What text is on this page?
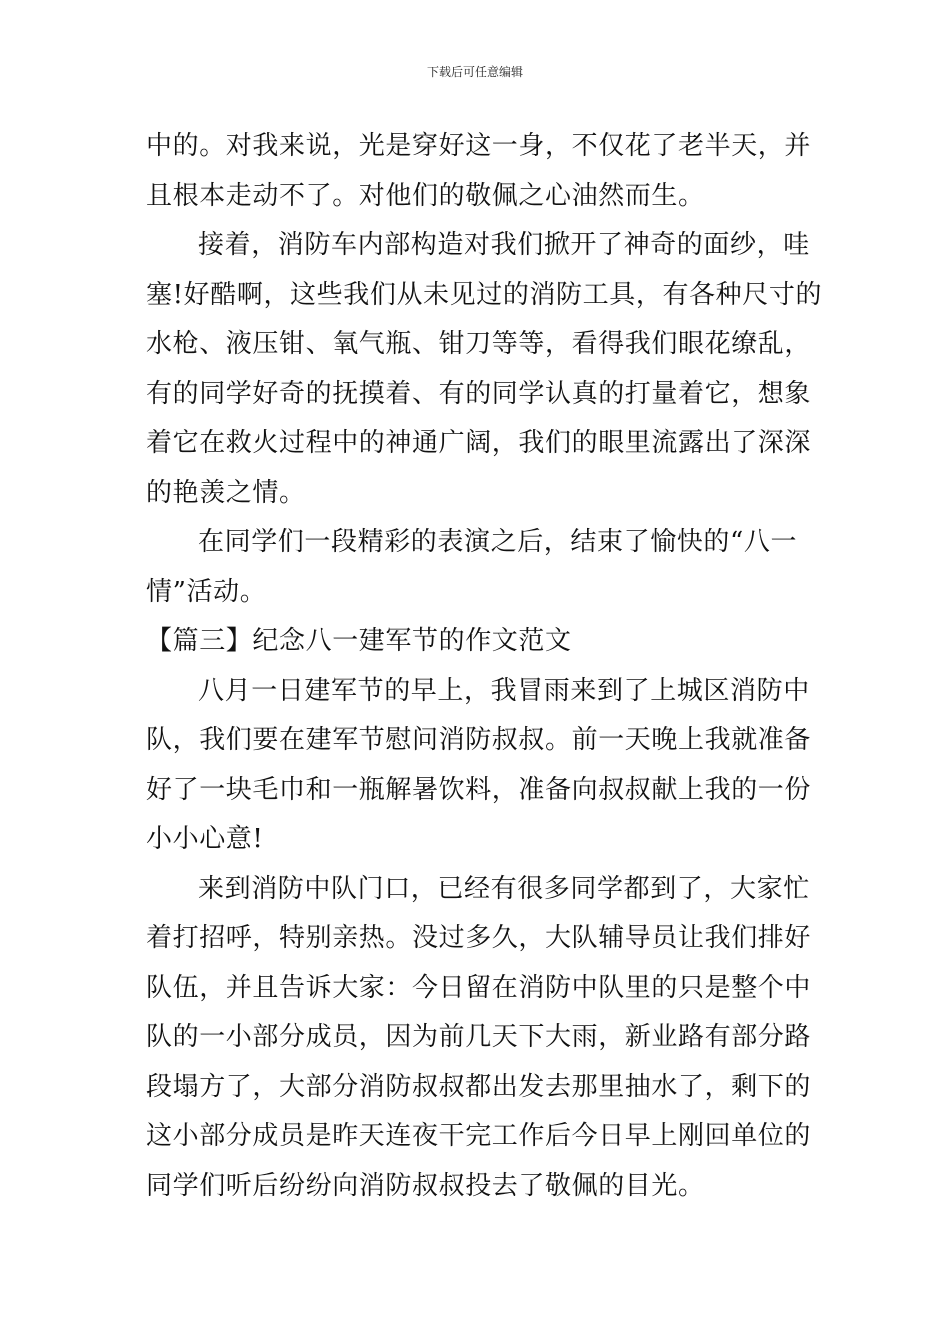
下载后可任意编辑
中的。对我来说，光是穿好这一身，不仅花了老半天，并
且根本走动不了。对他们的敬佩之心油然而生。
接着，消防车内部构造对我们掀开了神奇的面纱，哇
塞!好酷啊，这些我们从未见过的消防工具，有各种尺寸的
水枪、液压钳、氧气瓶、钳刀等等，看得我们眼花缭乱，
有的同学好奇的抚摸着、有的同学认真的打量着它，想象
着它在救火过程中的神通广阔，我们的眼里流露出了深深
的艳羡之情。
在同学们一段精彩的表演之后，结束了愉快的“八一
情”活动。
【篇三】纪念八一建军节的作文范文
八月一日建军节的早上，我冒雨来到了上城区消防中
队，我们要在建军节慰问消防叔叔。前一天晚上我就准备
好了一块毛巾和一瓶解暑饮料，准备向叔叔献上我的一份
小小心意!
来到消防中队门口，已经有很多同学都到了，大家忙
着打招呼，特别亲热。没过多久，大队辅导员让我们排好
队伍，并且告诉大家：今日留在消防中队里的只是整个中
队的一小部分成员，因为前几天下大雨，新业路有部分路
段塌方了，大部分消防叔叔都出发去那里抽水了，剩下的
这小部分成员是昨天连夜干完工作后今日早上刚回单位的
同学们听后纷纷向消防叔叔投去了敬佩的目光。
